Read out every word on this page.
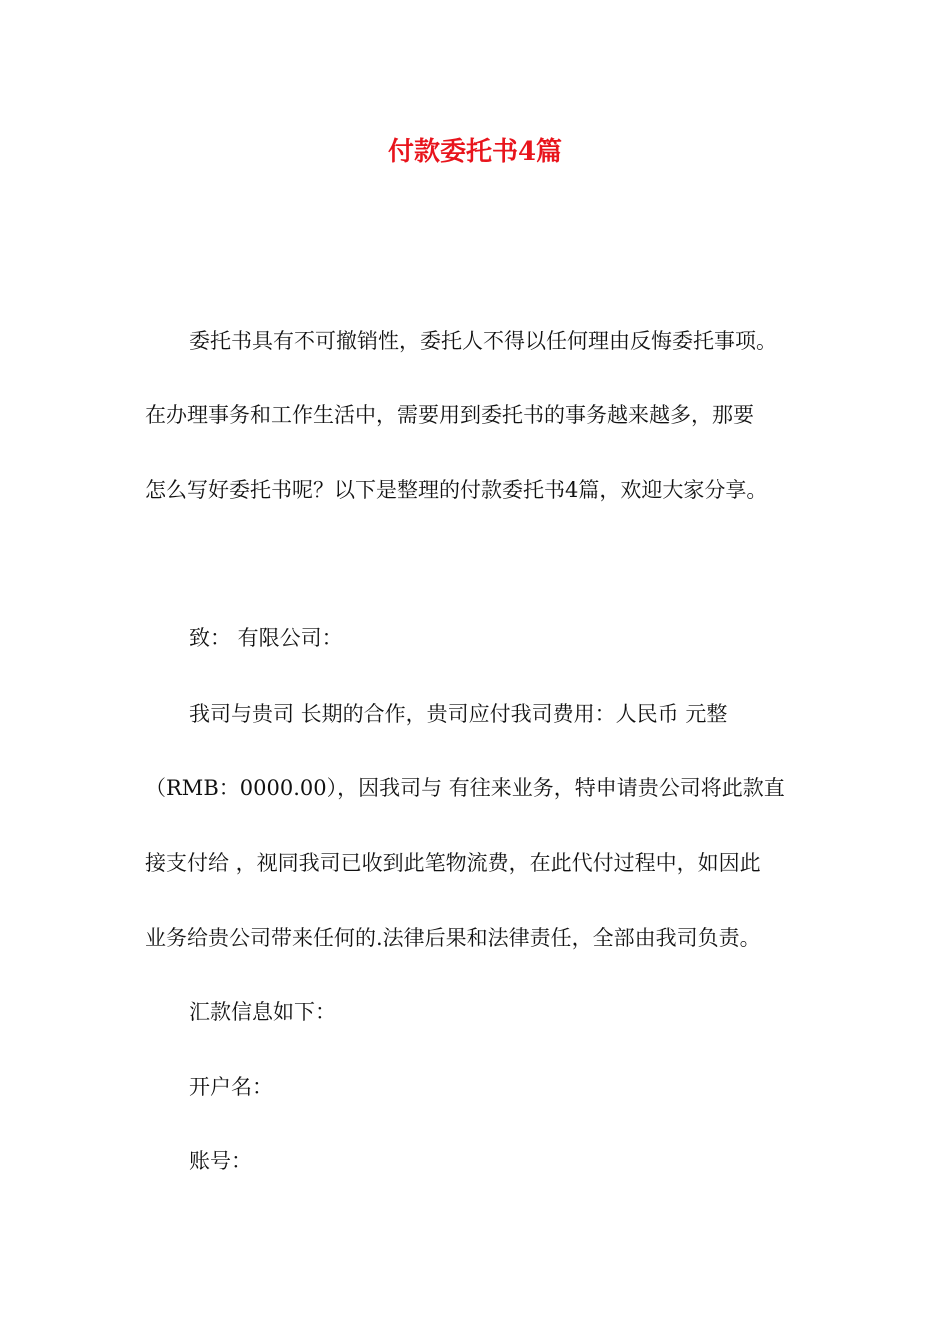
付款委托书4篇
委托书具有不可撤销性，委托人不得以任何理由反悔委托事项。
在办理事务和工作生活中，需要用到委托书的事务越来越多，那要
怎么写好委托书呢？以下是整理的付款委托书4篇，欢迎大家分享。
致： 有限公司：
我司与贵司 长期的合作，贵司应付我司费用：人民币 元整
（RMB：0000.00），因我司与 有往来业务，特申请贵公司将此款直
接支付给 ，视同我司已收到此笔物流费，在此代付过程中，如因此
业务给贵公司带来任何的.法律后果和法律责任，全部由我司负责。
汇款信息如下：
开户名：
账号：
